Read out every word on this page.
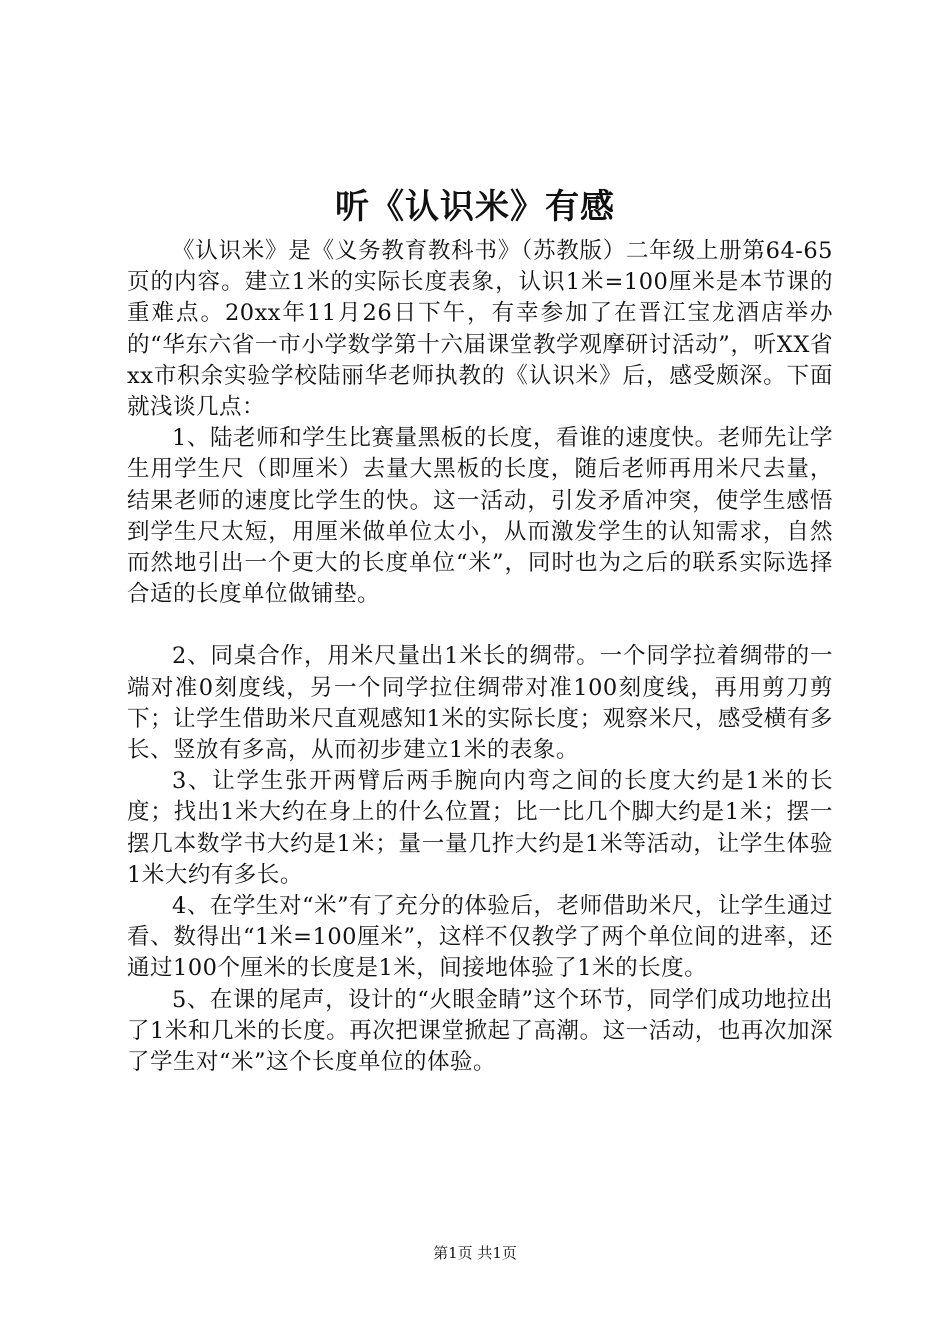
听《认识米》有感

《认识米》是《义务教育教科书》（苏教版）二年级上册第64-65页的内容。建立1米的实际长度表象，认识1米=100厘米是本节课的重难点。20xx年11月26日下午，有幸参加了在晋江宝龙酒店举办的“华东六省一市小学数学第十六届课堂教学观摩研讨活动”，听XX省xx市积余实验学校陆丽华老师执教的《认识米》后，感受颇深。下面就浅谈几点：

1、陆老师和学生比赛量黑板的长度，看谁的速度快。老师先让学生用学生尺（即厘米）去量大黑板的长度，随后老师再用米尺去量，结果老师的速度比学生的快。这一活动，引发矛盾冲突，使学生感悟到学生尺太短，用厘米做单位太小，从而激发学生的认知需求，自然而然地引出一个更大的长度单位“米”，同时也为之后的联系实际选择合适的长度单位做铺垫。

2、同桌合作，用米尺量出1米长的绸带。一个同学拉着绸带的一端对准0刻度线，另一个同学拉住绸带对准100刻度线，再用剪刀剪下；让学生借助米尺直观感知1米的实际长度；观察米尺，感受横有多长、竖放有多高，从而初步建立1米的表象。

3、让学生张开两臂后两手腕向内弯之间的长度大约是1米的长度；找出1米大约在身上的什么位置；比一比几个脚大约是1米；摆一摆几本数学书大约是1米；量一量几拃大约是1米等活动，让学生体验1米大约有多长。

4、在学生对“米”有了充分的体验后，老师借助米尺，让学生通过看、数得出“1米=100厘米”，这样不仅教学了两个单位间的进率，还通过100个厘米的长度是1米，间接地体验了1米的长度。

5、在课的尾声，设计的“火眼金睛”这个环节，同学们成功地拉出了1米和几米的长度。再次把课堂掀起了高潮。这一活动，也再次加深了学生对“米”这个长度单位的体验。

第1页 共1页
